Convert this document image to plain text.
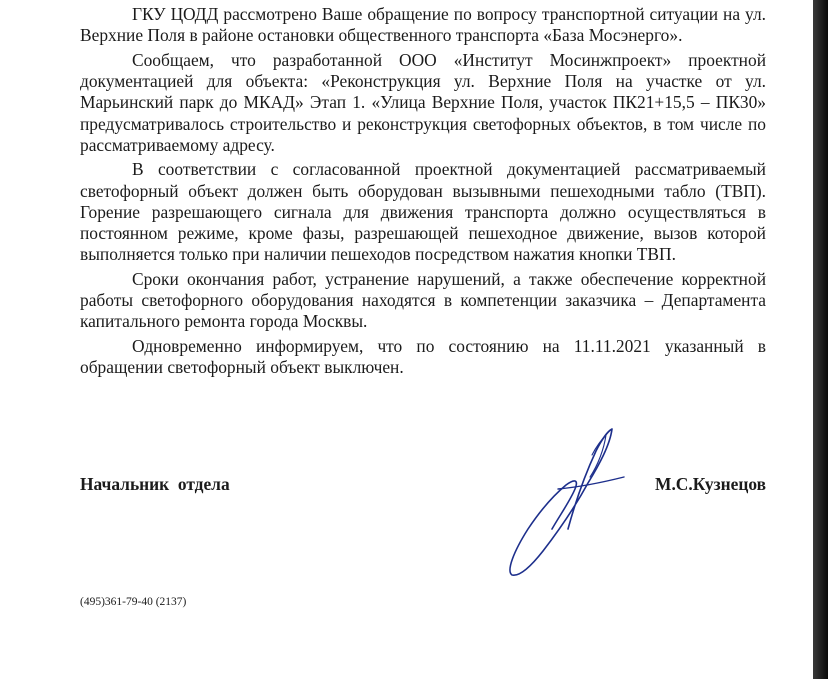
ГКУ ЦОДД рассмотрено Ваше обращение по вопросу транспортной ситуации на ул. Верхние Поля в районе остановки общественного транспорта «База Мосэнерго».

Сообщаем, что разработанной ООО «Институт Мосинжпроект» проектной документацией для объекта: «Реконструкция ул. Верхние Поля на участке от ул. Марьинский парк до МКАД» Этап 1. «Улица Верхние Поля, участок ПК21+15,5 – ПК30» предусматривалось строительство и реконструкция светофорных объектов, в том числе по рассматриваемому адресу.

В соответствии с согласованной проектной документацией рассматриваемый светофорный объект должен быть оборудован вызывными пешеходными табло (ТВП). Горение разрешающего сигнала для движения транспорта должно осуществляться в постоянном режиме, кроме фазы, разрешающей пешеходное движение, вызов которой выполняется только при наличии пешеходов посредством нажатия кнопки ТВП.

Сроки окончания работ, устранение нарушений, а также обеспечение корректной работы светофорного оборудования находятся в компетенции заказчика – Департамента капитального ремонта города Москвы.

Одновременно информируем, что по состоянию на 11.11.2021 указанный в обращении светофорный объект выключен.

Начальник  отдела	М.С.Кузнецов
(495)361-79-40 (2137)
